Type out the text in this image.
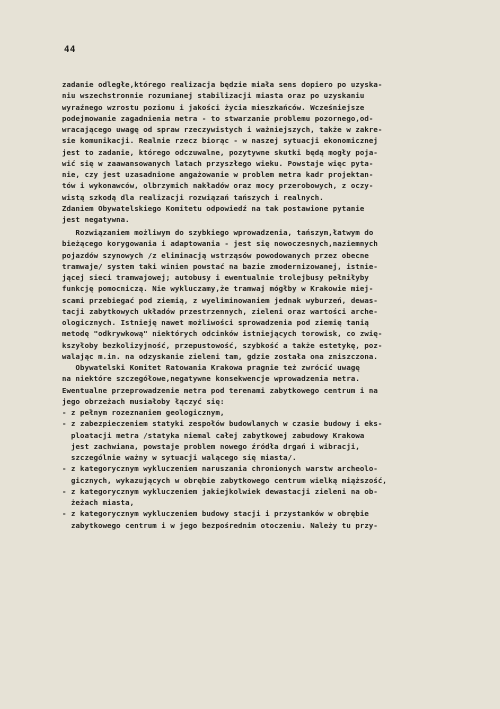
44
zadanie odległe,którego realizacja będzie miała sens dopiero po uzyska-
niu wszechstronnie rozumianej stabilizacji miasta oraz po uzyskaniu
wyraźnego wzrostu poziomu i jakości życia mieszkańców. Wcześniejsze
podejmowanie zagadnienia metra - to stwarzanie problemu pozornego,od-
wracającego uwagę od spraw rzeczywistych i ważniejszych, także w zakre-
sie komunikacji. Realnie rzecz biorąc - w naszej sytuacji ekonomicznej
jest to zadanie, którego odczuwalne, pozytywne skutki będą mogły poja-
wić się w zaawansowanych latach przyszłego wieku. Powstaje więc pyta-
nie, czy jest uzasadnione angażowanie w problem metra kadr projektan-
tów i wykonawców, olbrzymich nakładów oraz mocy przerobowych, z oczy-
wistą szkodą dla realizacji rozwiązań tańszych i realnych.
Zdaniem Obywatelskiego Komitetu odpowiedź na tak postawione pytanie
jest negatywna.
Rozwiązaniem możliwym do szybkiego wprowadzenia, tańszym,łatwym do
bieżącego korygowania i adaptowania - jest się nowoczesnych,naziemnych
pojazdów szynowych /z eliminacją wstrząsów powodowanych przez obecne
tramwaje/ system taki winien powstać na bazie zmodernizowanej, istnie-
jącej sieci tramwajowej; autobusy i ewentualnie trolejbusy pełniłyby
funkcję pomocniczą. Nie wykluczamy,że tramwaj mógłby w Krakowie miej-
scami przebiegać pod ziemią, z wyeliminowaniem jednak wyburzeń, dewas-
tacji zabytkowych układów przestrzennych, zieleni oraz wartości arche-
ologicznych. Istnieję nawet możliwości sprowadzenia pod ziemię tanią
metodę "odkrywkową" niektórych odcinków istniejących torowisk, co zwię-
kszyłoby bezkolizyjność, przepustowość, szybkość a także estetykę, poz-
walając m.in. na odzyskanie zieleni tam, gdzie została ona zniszczona.
Obywatelski Komitet Ratowania Krakowa pragnie też zwrócić uwagę
na niektóre szczegółowe,negatywne konsekwencje wprowadzenia metra.
Ewentualne przeprowadzenie metra pod terenami zabytkowego centrum i na
jego obrzeżach musiałoby łączyć się:
- z pełnym rozeznaniem geologicznym,
- z zabezpieczeniem statyki zespołów budowlanych w czasie budowy i eks-
ploatacji metra /statyka niemal całej zabytkowej zabudowy Krakowa
jest zachwiana, powstaje problem nowego źródła drgań i wibracji,
szczególnie ważny w sytuacji walącego się miasta/.
- z kategorycznym wykluczeniem naruszania chronionych warstw archeolo-
gicznych, wykazujących w obrębie zabytkowego centrum wielką miąższość,
- z kategorycznym wykluczeniem jakiejkolwiek dewastacji zieleni na ob-
żeżach miasta,
- z kategorycznym wykluczeniem budowy stacji i przystanków w obrębie
zabytkowego centrum i w jego bezpośrednim otoczeniu. Należy tu przy-
